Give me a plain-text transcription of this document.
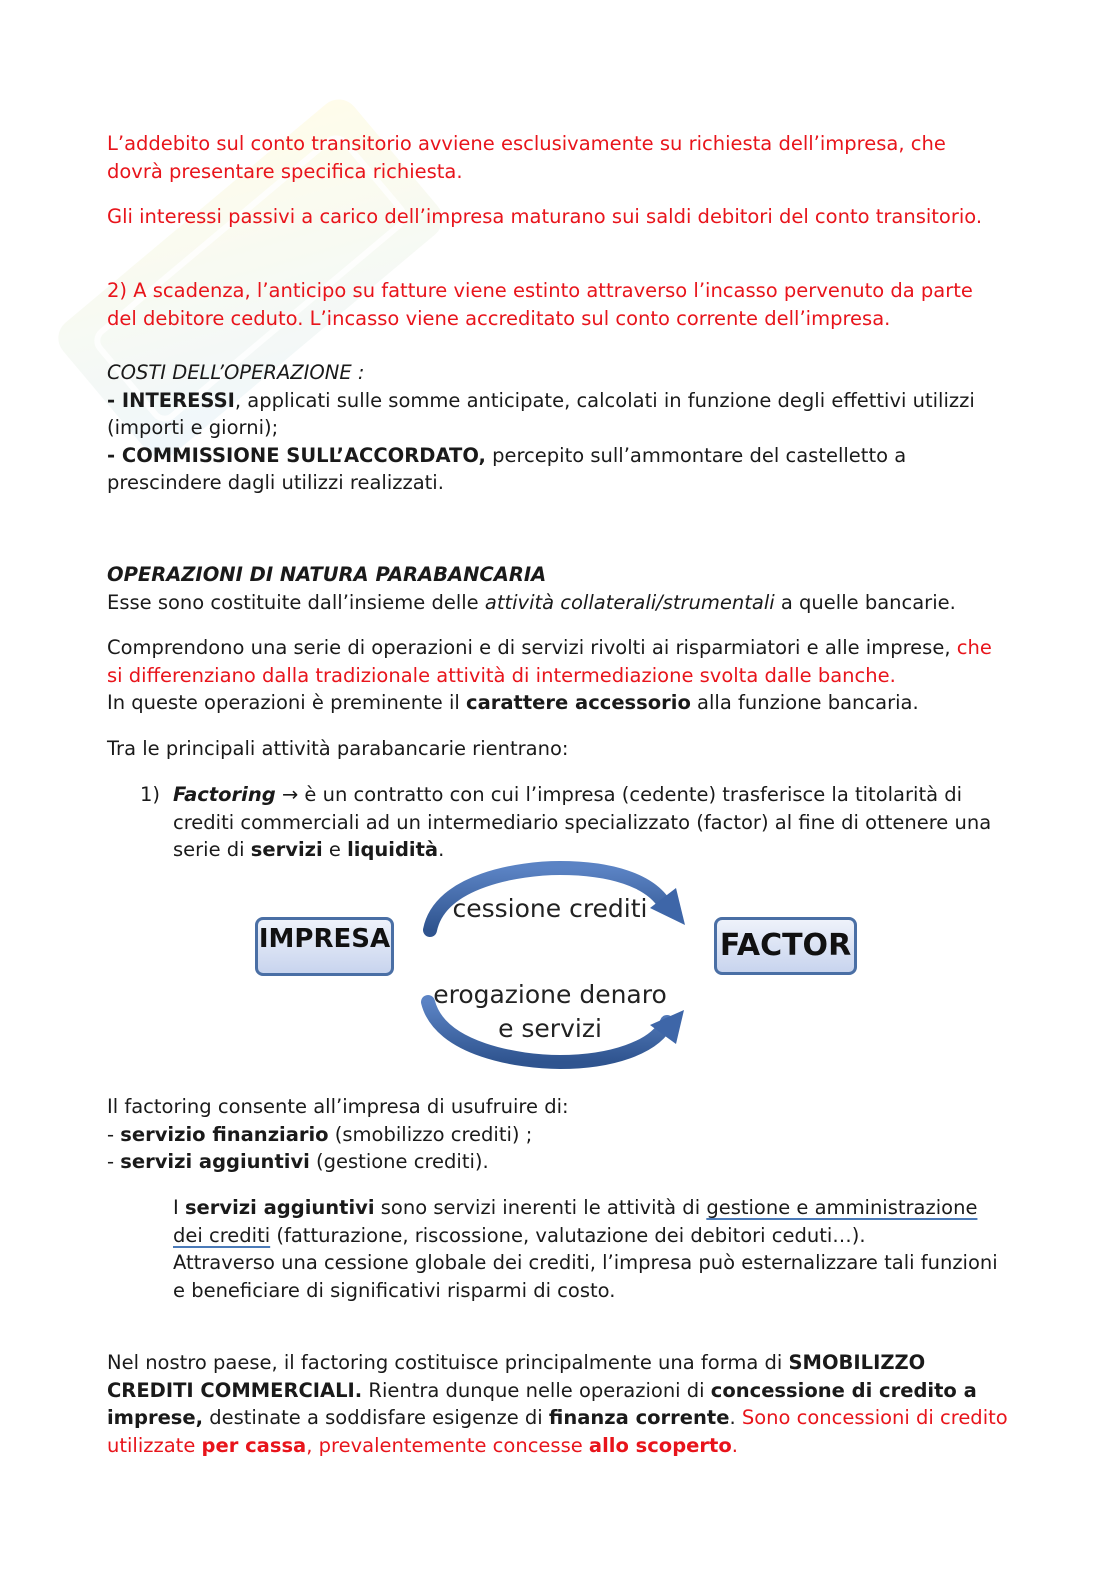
L’addebito sul conto transitorio avviene esclusivamente su richiesta dell’impresa, che dovrà presentare specifica richiesta.

Gli interessi passivi a carico dell’impresa maturano sui saldi debitori del conto transitorio.

2) A scadenza, l’anticipo su fatture viene estinto attraverso l’incasso pervenuto da parte del debitore ceduto. L’incasso viene accreditato sul conto corrente dell’impresa.

COSTI DELL’OPERAZIONE :

- INTERESSI, applicati sulle somme anticipate, calcolati in funzione degli effettivi utilizzi (importi e giorni);

- COMMISSIONE SULL’ACCORDATO, percepito sull’ammontare del castelletto a prescindere dagli utilizzi realizzati.

OPERAZIONI DI NATURA PARABANCARIA

Esse sono costituite dall’insieme delle attività collaterali/strumentali a quelle bancarie.

Comprendono una serie di operazioni e di servizi rivolti ai risparmiatori e alle imprese, che si differenziano dalla tradizionale attività di intermediazione svolta dalle banche.
In queste operazioni è preminente il carattere accessorio alla funzione bancaria.

Tra le principali attività parabancarie rientrano:

1) Factoring → è un contratto con cui l’impresa (cedente) trasferisce la titolarità di crediti commerciali ad un intermediario specializzato (factor) al fine di ottenere una serie di servizi e liquidità.

IMPRESA	FACTOR
cessione crediti
erogazione denaro
e servizi

Il factoring consente all’impresa di usufruire di:

- servizio finanziario (smobilizzo crediti) ;

- servizi aggiuntivi (gestione crediti).

I servizi aggiuntivi sono servizi inerenti le attività di gestione e amministrazione dei crediti (fatturazione, riscossione, valutazione dei debitori ceduti…).

Attraverso una cessione globale dei crediti, l’impresa può esternalizzare tali funzioni e beneficiare di significativi risparmi di costo.

Nel nostro paese, il factoring costituisce principalmente una forma di SMOBILIZZO CREDITI COMMERCIALI. Rientra dunque nelle operazioni di concessione di credito a imprese, destinate a soddisfare esigenze di finanza corrente. Sono concessioni di credito utilizzate per cassa, prevalentemente concesse allo scoperto.
